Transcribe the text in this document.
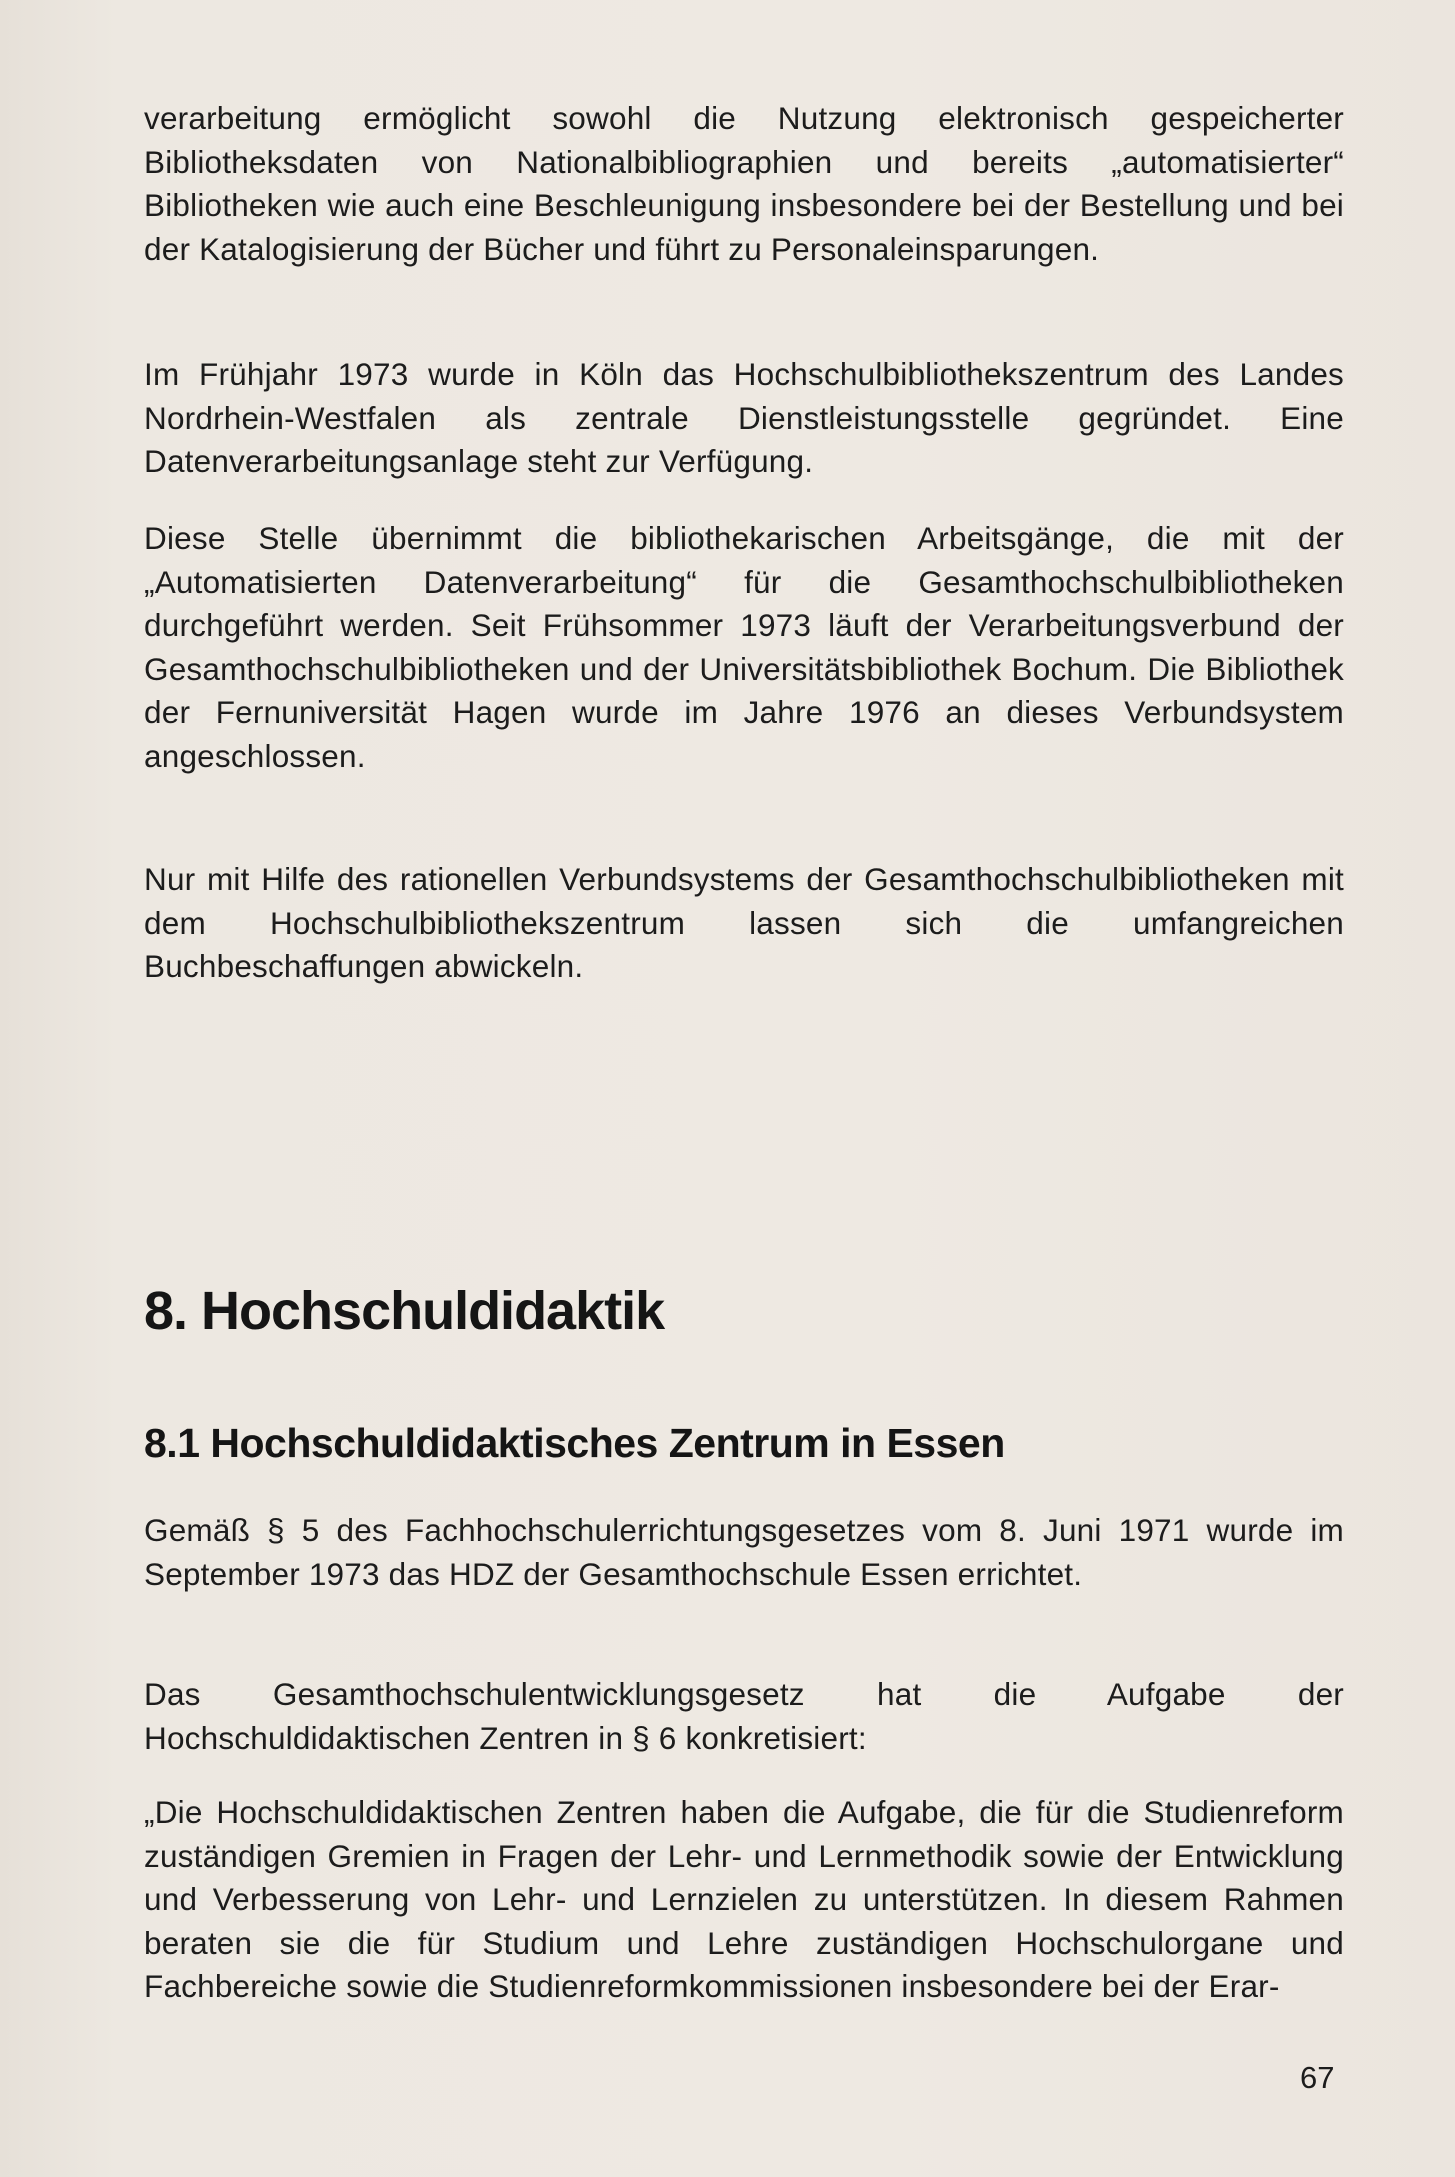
verarbeitung ermöglicht sowohl die Nutzung elektronisch gespeicherter Bibliotheksdaten von Nationalbibliographien und bereits „automatisierter“ Bibliotheken wie auch eine Beschleunigung insbesondere bei der Bestellung und bei der Katalogisierung der Bücher und führt zu Personaleinsparungen.

Im Frühjahr 1973 wurde in Köln das Hochschulbibliothekszentrum des Landes Nordrhein-Westfalen als zentrale Dienstleistungsstelle gegründet. Eine Datenverarbeitungsanlage steht zur Verfügung.

Diese Stelle übernimmt die bibliothekarischen Arbeitsgänge, die mit der „Automatisierten Datenverarbeitung“ für die Gesamthochschulbibliotheken durchgeführt werden. Seit Frühsommer 1973 läuft der Verarbeitungsverbund der Gesamthochschulbibliotheken und der Universitätsbibliothek Bochum. Die Bibliothek der Fernuniversität Hagen wurde im Jahre 1976 an dieses Verbundsystem angeschlossen.

Nur mit Hilfe des rationellen Verbundsystems der Gesamthochschulbibliotheken mit dem Hochschulbibliothekszentrum lassen sich die umfangreichen Buchbeschaffungen abwickeln.

8. Hochschuldidaktik
8.1 Hochschuldidaktisches Zentrum in Essen

Gemäß § 5 des Fachhochschulerrichtungsgesetzes vom 8. Juni 1971 wurde im September 1973 das HDZ der Gesamthochschule Essen errichtet.

Das Gesamthochschulentwicklungsgesetz hat die Aufgabe der Hochschuldidaktischen Zentren in § 6 konkretisiert:

„Die Hochschuldidaktischen Zentren haben die Aufgabe, die für die Studienreform zuständigen Gremien in Fragen der Lehr- und Lernmethodik sowie der Entwicklung und Verbesserung von Lehr- und Lernzielen zu unterstützen. In diesem Rahmen beraten sie die für Studium und Lehre zuständigen Hochschulorgane und Fachbereiche sowie die Studienreformkommissionen insbesondere bei der Erar-

67
